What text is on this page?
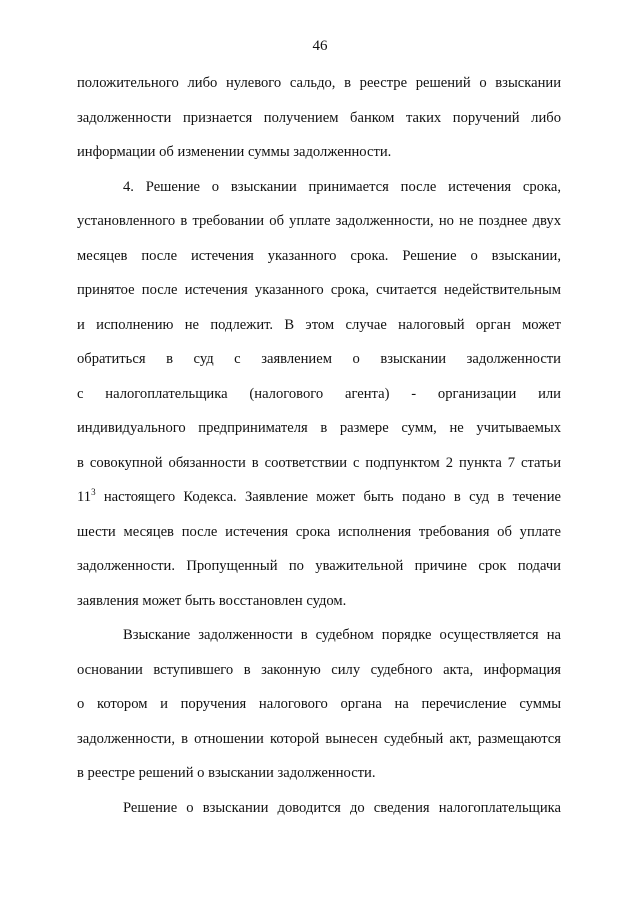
46
положительного либо нулевого сальдо, в реестре решений о взыскании
задолженности признается получением банком таких поручений либо
информации об изменении суммы задолженности.
4. Решение о взыскании принимается после истечения срока,
установленного в требовании об уплате задолженности, но не позднее двух
месяцев после истечения указанного срока. Решение о взыскании,
принятое после истечения указанного срока, считается недействительным
и исполнению не подлежит. В этом случае налоговый орган может
обратиться в суд с заявлением о взыскании задолженности
с налогоплательщика (налогового агента) - организации или
индивидуального предпринимателя в размере сумм, не учитываемых
в совокупной обязанности в соответствии с подпунктом 2 пункта 7 статьи
$11^3$ настоящего Кодекса. Заявление может быть подано в суд в течение
шести месяцев после истечения срока исполнения требования об уплате
задолженности. Пропущенный по уважительной причине срок подачи
заявления может быть восстановлен судом.
Взыскание задолженности в судебном порядке осуществляется на
основании вступившего в законную силу судебного акта, информация
о котором и поручения налогового органа на перечисление суммы
задолженности, в отношении которой вынесен судебный акт, размещаются
в реестре решений о взыскании задолженности.
Решение о взыскании доводится до сведения налогоплательщика
